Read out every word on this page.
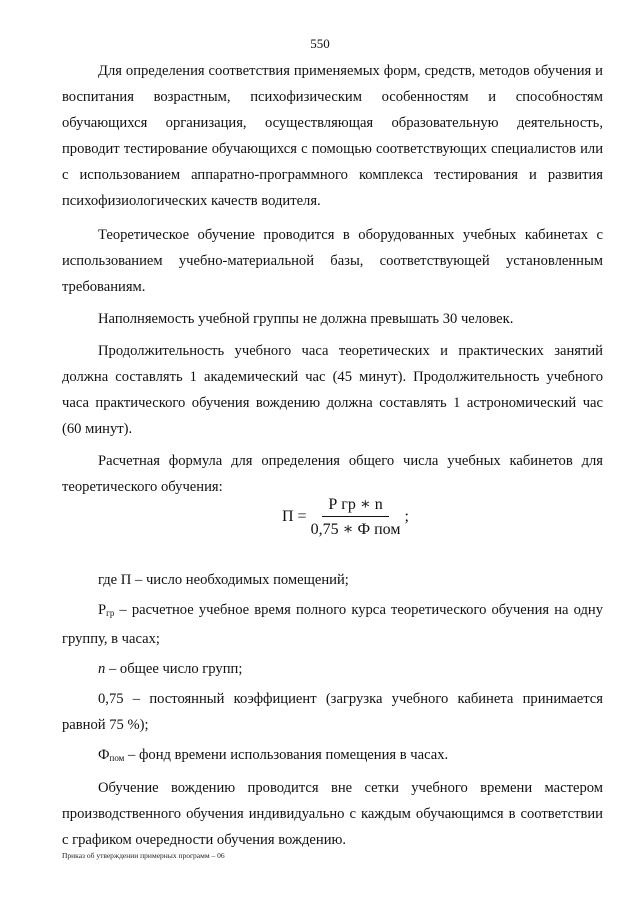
550

Для определения соответствия применяемых форм, средств, методов обучения и воспитания возрастным, психофизическим особенностям и способностям обучающихся организация, осуществляющая образовательную деятельность, проводит тестирование обучающихся с помощью соответствующих специалистов или с использованием аппаратно-программного комплекса тестирования и развития психофизиологических качеств водителя.

Теоретическое обучение проводится в оборудованных учебных кабинетах с использованием учебно-материальной базы, соответствующей установленным требованиям.

Наполняемость учебной группы не должна превышать 30 человек.

Продолжительность учебного часа теоретических и практических занятий должна составлять 1 академический час (45 минут). Продолжительность учебного часа практического обучения вождению должна составлять 1 астрономический час (60 минут).

Расчетная формула для определения общего числа учебных кабинетов для теоретического обучения:

$П = \frac{\text{Р гр ∗ n}}{\text{0,75 ∗ Ф пом}}$ ;

где П – число необходимых помещений;

$Р_{гр}$ – расчетное учебное время полного курса теоретического обучения на одну группу, в часах;

n – общее число групп;

0,75 – постоянный коэффициент (загрузка учебного кабинета принимается равной 75 %);

$Ф_{пом}$ – фонд времени использования помещения в часах.

Обучение вождению проводится вне сетки учебного времени мастером производственного обучения индивидуально с каждым обучающимся в соответствии с графиком очередности обучения вождению.

Приказ об утверждении примерных программ – 06
